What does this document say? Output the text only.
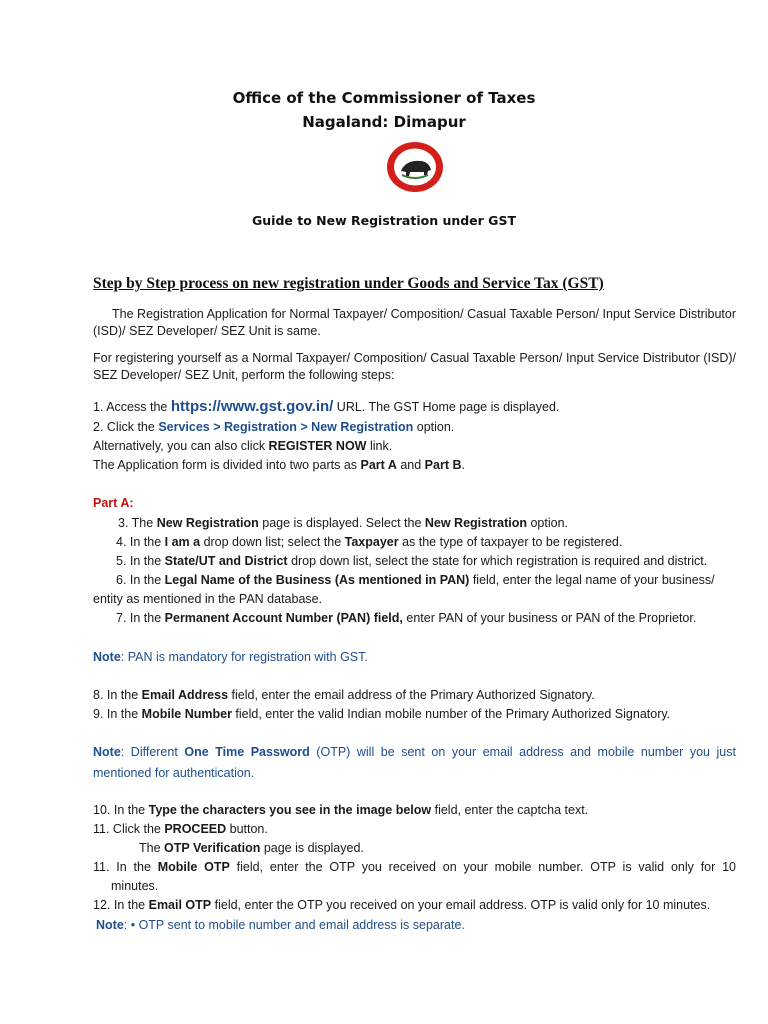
Office of the Commissioner of Taxes
Nagaland: Dimapur
Guide to New Registration under GST
Step by Step process on new registration under Goods and Service Tax (GST)
The Registration Application for Normal Taxpayer/ Composition/ Casual Taxable Person/ Input Service Distributor (ISD)/ SEZ Developer/ SEZ Unit is same.
For registering yourself as a Normal Taxpayer/ Composition/ Casual Taxable Person/ Input Service Distributor (ISD)/ SEZ Developer/ SEZ Unit, perform the following steps:
1. Access the https://www.gst.gov.in/ URL. The GST Home page is displayed.
2. Click the Services > Registration > New Registration option.
Alternatively, you can also click REGISTER NOW link.
The Application form is divided into two parts as Part A and Part B.
Part A:
3. The New Registration page is displayed. Select the New Registration option.
4. In the I am a drop down list; select the Taxpayer as the type of taxpayer to be registered.
5. In the State/UT and District drop down list, select the state for which registration is required and district.
6. In the Legal Name of the Business (As mentioned in PAN) field, enter the legal name of your business/
entity as mentioned in the PAN database.
7. In the Permanent Account Number (PAN) field, enter PAN of your business or PAN of the Proprietor.
Note: PAN is mandatory for registration with GST.
8. In the Email Address field, enter the email address of the Primary Authorized Signatory.
9. In the Mobile Number field, enter the valid Indian mobile number of the Primary Authorized Signatory.
Note: Different One Time Password (OTP) will be sent on your email address and mobile number you just
mentioned for authentication.
10. In the Type the characters you see in the image below field, enter the captcha text.
11. Click the PROCEED button.
The OTP Verification page is displayed.
11. In the Mobile OTP field, enter the OTP you received on your mobile number. OTP is valid only for 10
minutes.
12. In the Email OTP field, enter the OTP you received on your email address. OTP is valid only for 10 minutes.
Note: • OTP sent to mobile number and email address is separate.
